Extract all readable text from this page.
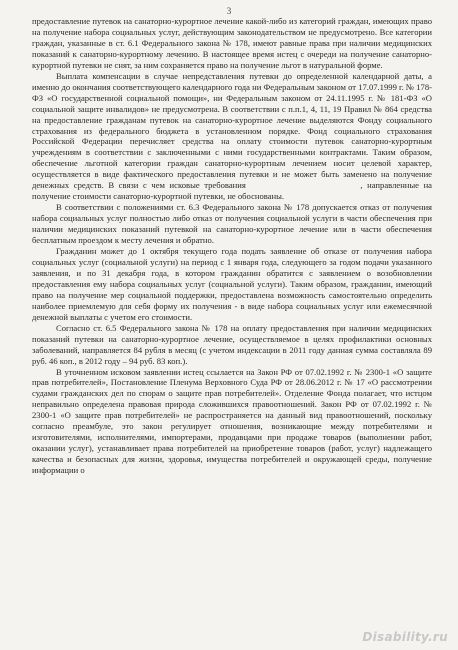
3

предоставление путевок на санаторно-курортное лечение какой-либо из категорий граждан, имеющих право на получение набора социальных услуг, действующим законодательством не предусмотрено. Все категории граждан, указанные в ст. 6.1 Федерального закона № 178, имеют равные права при наличии медицинских показаний к санаторно-курортному лечению. В настоящее время истец с очереди на получение санаторно-курортной путевки не снят, за ним сохраняется право на получение льгот в натуральной форме.

Выплата компенсации в случае непредставления путевки до определенной календарной даты, а именно до окончания соответствующего календарного года ни Федеральным законом от 17.07.1999 г. № 178-ФЗ «О государственной социальной помощи», ни Федеральным законом от 24.11.1995 г. № 181-ФЗ «О социальной защите инвалидов» не предусмотрена. В соответствии с п.п.1, 4, 11, 19 Правил № 864 средства на предоставление гражданам путевок на санаторно-курортное лечение выделяются Фонду социального страхования из федерального бюджета в установленном порядке. Фонд социального страхования Российской Федерации перечисляет средства на оплату стоимости путевок санаторно-курортным учреждениям в соответствии с заключенными с ними государственными контрактами. Таким образом, обеспечение льготной категории граждан санаторно-курортным лечением носит целевой характер, осуществляется в виде фактического предоставления путевки и не может быть заменено на получение денежных средств. В связи с чем исковые требования	, направленные на получение стоимости санаторно-курортной путевки, не обоснованы.

В соответствии с положениями ст. 6.3 Федерального закона № 178 допускается отказ от получения набора социальных услуг полностью либо отказ от получения социальной услуги в части обеспечения при наличии медицинских показаний путевкой на санаторно-курортное лечение или в части обеспечения бесплатным проездом к месту лечения и обратно.

Гражданин может до 1 октября текущего года подать заявление об отказе от получения набора социальных услуг (социальной услуги) на период с 1 января года, следующего за годом подачи указанного заявления, и по 31 декабря года, в котором гражданин обратится с заявлением о возобновлении предоставления ему набора социальных услуг (социальной услуги). Таким образом, гражданин, имеющий право на получение мер социальной поддержки, предоставлена возможность самостоятельно определить наиболее приемлемую для себя форму их получения - в виде набора социальных услуг или ежемесячной денежной выплаты с учетом его стоимости.

Согласно ст. 6.5 Федерального закона № 178 на оплату предоставления при наличии медицинских показаний путевки на санаторно-курортное лечение, осуществляемое в целях профилактики основных заболеваний, направляется 84 рубля в месяц (с учетом индексации в 2011 году данная сумма составляла 89 руб. 46 коп., в 2012 году – 94 руб. 83 коп.).

В уточненном исковом заявлении истец ссылается на Закон РФ от 07.02.1992 г. № 2300-1 «О защите прав потребителей», Постановление Пленума Верховного Суда РФ от 28.06.2012 г. № 17 «О рассмотрении судами гражданских дел по спорам о защите прав потребителей». Отделение Фонда полагает, что истцом неправильно определена правовая природа сложившихся правоотношений. Закон РФ от 07.02.1992 г. № 2300-1 «О защите прав потребителей» не распространяется на данный вид правоотношений, поскольку согласно преамбуле, это закон регулирует отношения, возникающие между потребителями и изготовителями, исполнителями, импортерами, продавцами при продаже товаров (выполнении работ, оказании услуг), устанавливает права потребителей на приобретение товаров (работ, услуг) надлежащего качества и безопасных для жизни, здоровья, имущества потребителей и окружающей среды, получение информации о

Disability.ru
